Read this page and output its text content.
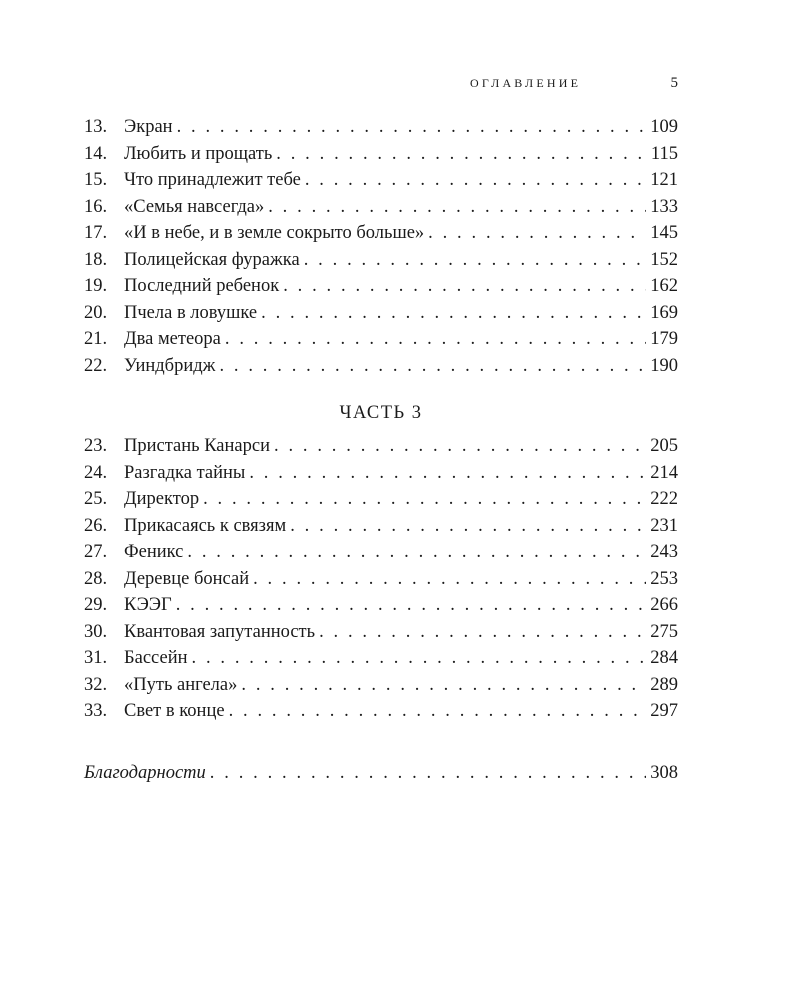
ОГЛАВЛЕНИЕ	5
13. Экран . . .	109
14. Любить и прощать . . .	115
15. Что принадлежит тебе . . .	121
16. «Семья навсегда» . . .	133
17. «И в небе, и в земле сокрыто больше» . . .	145
18. Полицейская фуражка . . .	152
19. Последний ребенок . . .	162
20. Пчела в ловушке . . .	169
21. Два метеора . . .	179
22. Уиндбридж . . .	190
ЧАСТЬ 3
23. Пристань Канарси . . .	205
24. Разгадка тайны . . .	214
25. Директор . . .	222
26. Прикасаясь к связям . . .	231
27. Феникс . . .	243
28. Деревце бонсай . . .	253
29. КЭЭГ . . .	266
30. Квантовая запутанность . . .	275
31. Бассейн . . .	284
32. «Путь ангела» . . .	289
33. Свет в конце . . .	297
Благодарности . . .	308
